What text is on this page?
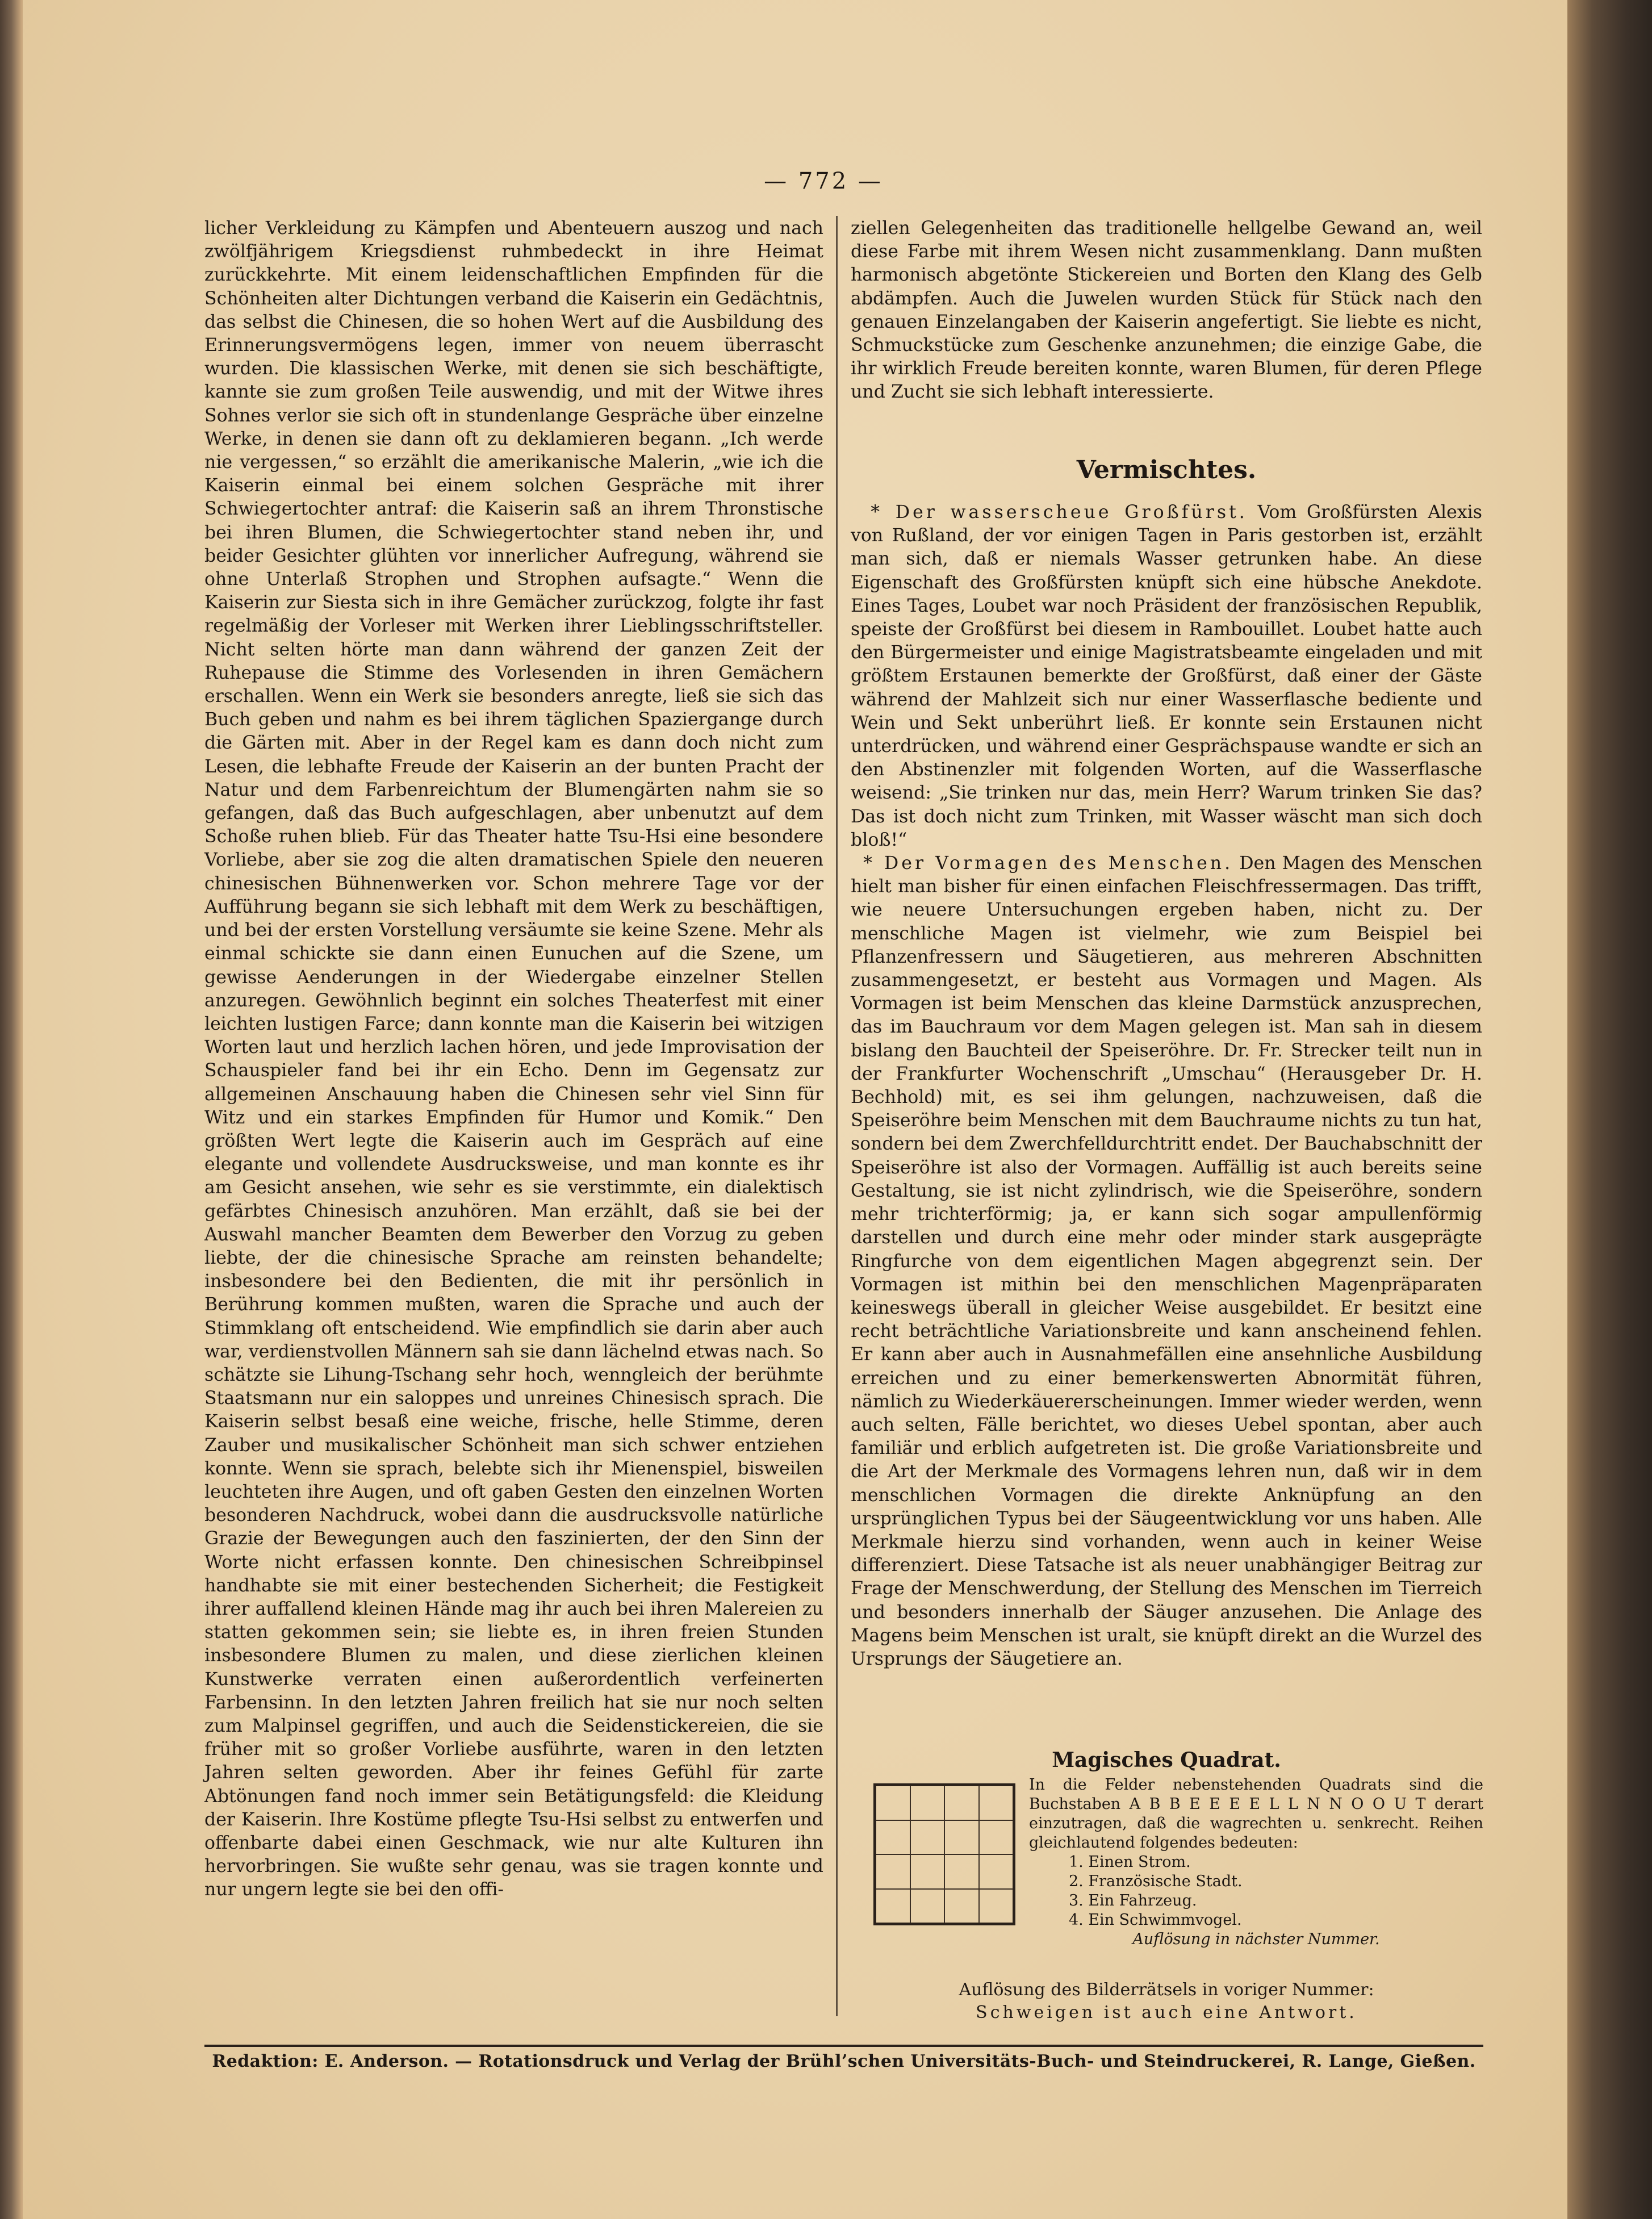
— 772 —

licher Verkleidung zu Kämpfen und Abenteuern auszog und nach zwölfjährigem Kriegsdienst ruhmbedeckt in ihre Heimat zurückkehrte. Mit einem leidenschaftlichen Empfinden für die Schönheiten alter Dichtungen verband die Kaiserin ein Gedächtnis, das selbst die Chinesen, die so hohen Wert auf die Ausbildung des Erinnerungsvermögens legen, immer von neuem überrascht wurden. Die klassischen Werke, mit denen sie sich beschäftigte, kannte sie zum großen Teile auswendig, und mit der Witwe ihres Sohnes verlor sie sich oft in stundenlange Gespräche über einzelne Werke, in denen sie dann oft zu deklamieren begann. „Ich werde nie vergessen,“ so erzählt die amerikanische Malerin, „wie ich die Kaiserin einmal bei einem solchen Gespräche mit ihrer Schwiegertochter antraf: die Kaiserin saß an ihrem Thronstische bei ihren Blumen, die Schwiegertochter stand neben ihr, und beider Gesichter glühten vor innerlicher Aufregung, während sie ohne Unterlaß Strophen und Strophen aufsagte.“ Wenn die Kaiserin zur Siesta sich in ihre Gemächer zurückzog, folgte ihr fast regelmäßig der Vorleser mit Werken ihrer Lieblingsschriftsteller. Nicht selten hörte man dann während der ganzen Zeit der Ruhepause die Stimme des Vorlesenden in ihren Gemächern erschallen. Wenn ein Werk sie besonders anregte, ließ sie sich das Buch geben und nahm es bei ihrem täglichen Spaziergange durch die Gärten mit. Aber in der Regel kam es dann doch nicht zum Lesen, die lebhafte Freude der Kaiserin an der bunten Pracht der Natur und dem Farbenreichtum der Blumengärten nahm sie so gefangen, daß das Buch aufgeschlagen, aber unbenutzt auf dem Schoße ruhen blieb. Für das Theater hatte Tsu-Hsi eine besondere Vorliebe, aber sie zog die alten dramatischen Spiele den neueren chinesischen Bühnenwerken vor. Schon mehrere Tage vor der Aufführung begann sie sich lebhaft mit dem Werk zu beschäftigen, und bei der ersten Vorstellung versäumte sie keine Szene. Mehr als einmal schickte sie dann einen Eunuchen auf die Szene, um gewisse Aenderungen in der Wiedergabe einzelner Stellen anzuregen. Gewöhnlich beginnt ein solches Theaterfest mit einer leichten lustigen Farce; dann konnte man die Kaiserin bei witzigen Worten laut und herzlich lachen hören, und jede Improvisation der Schauspieler fand bei ihr ein Echo. Denn im Gegensatz zur allgemeinen Anschauung haben die Chinesen sehr viel Sinn für Witz und ein starkes Empfinden für Humor und Komik.“ Den größten Wert legte die Kaiserin auch im Gespräch auf eine elegante und vollendete Ausdrucksweise, und man konnte es ihr am Gesicht ansehen, wie sehr es sie verstimmte, ein dialektisch gefärbtes Chinesisch anzuhören. Man erzählt, daß sie bei der Auswahl mancher Beamten dem Bewerber den Vorzug zu geben liebte, der die chinesische Sprache am reinsten behandelte; insbesondere bei den Bedienten, die mit ihr persönlich in Berührung kommen mußten, waren die Sprache und auch der Stimmklang oft entscheidend. Wie empfindlich sie darin aber auch war, verdienstvollen Männern sah sie dann lächelnd etwas nach. So schätzte sie Lihung-Tschang sehr hoch, wenngleich der berühmte Staatsmann nur ein saloppes und unreines Chinesisch sprach. Die Kaiserin selbst besaß eine weiche, frische, helle Stimme, deren Zauber und musikalischer Schönheit man sich schwer entziehen konnte. Wenn sie sprach, belebte sich ihr Mienenspiel, bisweilen leuchteten ihre Augen, und oft gaben Gesten den einzelnen Worten besonderen Nachdruck, wobei dann die ausdrucksvolle natürliche Grazie der Bewegungen auch den faszinierten, der den Sinn der Worte nicht erfassen konnte. Den chinesischen Schreibpinsel handhabte sie mit einer bestechenden Sicherheit; die Festigkeit ihrer auffallend kleinen Hände mag ihr auch bei ihren Malereien zu statten gekommen sein; sie liebte es, in ihren freien Stunden insbesondere Blumen zu malen, und diese zierlichen kleinen Kunstwerke verraten einen außerordentlich verfeinerten Farbensinn. In den letzten Jahren freilich hat sie nur noch selten zum Malpinsel gegriffen, und auch die Seidenstickereien, die sie früher mit so großer Vorliebe ausführte, waren in den letzten Jahren selten geworden. Aber ihr feines Gefühl für zarte Abtönungen fand noch immer sein Betätigungsfeld: die Kleidung der Kaiserin. Ihre Kostüme pflegte Tsu-Hsi selbst zu entwerfen und offenbarte dabei einen Geschmack, wie nur alte Kulturen ihn hervorbringen. Sie wußte sehr genau, was sie tragen konnte und nur ungern legte sie bei den offi-

ziellen Gelegenheiten das traditionelle hellgelbe Gewand an, weil diese Farbe mit ihrem Wesen nicht zusammenklang. Dann mußten harmonisch abgetönte Stickereien und Borten den Klang des Gelb abdämpfen. Auch die Juwelen wurden Stück für Stück nach den genauen Einzelangaben der Kaiserin angefertigt. Sie liebte es nicht, Schmuckstücke zum Geschenke anzunehmen; die einzige Gabe, die ihr wirklich Freude bereiten konnte, waren Blumen, für deren Pflege und Zucht sie sich lebhaft interessierte.

Vermischtes.

* Der wasserscheue Großfürst. Vom Großfürsten Alexis von Rußland, der vor einigen Tagen in Paris gestorben ist, erzählt man sich, daß er niemals Wasser getrunken habe. An diese Eigenschaft des Großfürsten knüpft sich eine hübsche Anekdote. Eines Tages, Loubet war noch Präsident der französischen Republik, speiste der Großfürst bei diesem in Rambouillet. Loubet hatte auch den Bürgermeister und einige Magistratsbeamte eingeladen und mit größtem Erstaunen bemerkte der Großfürst, daß einer der Gäste während der Mahlzeit sich nur einer Wasserflasche bediente und Wein und Sekt unberührt ließ. Er konnte sein Erstaunen nicht unterdrücken, und während einer Gesprächspause wandte er sich an den Abstinenzler mit folgenden Worten, auf die Wasserflasche weisend: „Sie trinken nur das, mein Herr? Warum trinken Sie das? Das ist doch nicht zum Trinken, mit Wasser wäscht man sich doch bloß!“

* Der Vormagen des Menschen. Den Magen des Menschen hielt man bisher für einen einfachen Fleischfressermagen. Das trifft, wie neuere Untersuchungen ergeben haben, nicht zu. Der menschliche Magen ist vielmehr, wie zum Beispiel bei Pflanzenfressern und Säugetieren, aus mehreren Abschnitten zusammengesetzt, er besteht aus Vormagen und Magen. Als Vormagen ist beim Menschen das kleine Darmstück anzusprechen, das im Bauchraum vor dem Magen gelegen ist. Man sah in diesem bislang den Bauchteil der Speiseröhre. Dr. Fr. Strecker teilt nun in der Frankfurter Wochenschrift „Umschau“ (Herausgeber Dr. H. Bechhold) mit, es sei ihm gelungen, nachzuweisen, daß die Speiseröhre beim Menschen mit dem Bauchraume nichts zu tun hat, sondern bei dem Zwerchfelldurchtritt endet. Der Bauchabschnitt der Speiseröhre ist also der Vormagen. Auffällig ist auch bereits seine Gestaltung, sie ist nicht zylindrisch, wie die Speiseröhre, sondern mehr trichterförmig; ja, er kann sich sogar ampullenförmig darstellen und durch eine mehr oder minder stark ausgeprägte Ringfurche von dem eigentlichen Magen abgegrenzt sein. Der Vormagen ist mithin bei den menschlichen Magenpräparaten keineswegs überall in gleicher Weise ausgebildet. Er besitzt eine recht beträchtliche Variationsbreite und kann anscheinend fehlen. Er kann aber auch in Ausnahmefällen eine ansehnliche Ausbildung erreichen und zu einer bemerkenswerten Abnormität führen, nämlich zu Wiederkäuererscheinungen. Immer wieder werden, wenn auch selten, Fälle berichtet, wo dieses Uebel spontan, aber auch familiär und erblich aufgetreten ist. Die große Variationsbreite und die Art der Merkmale des Vormagens lehren nun, daß wir in dem menschlichen Vormagen die direkte Anknüpfung an den ursprünglichen Typus bei der Säugeentwicklung vor uns haben. Alle Merkmale hierzu sind vorhanden, wenn auch in keiner Weise differenziert. Diese Tatsache ist als neuer unabhängiger Beitrag zur Frage der Menschwerdung, der Stellung des Menschen im Tierreich und besonders innerhalb der Säuger anzusehen. Die Anlage des Magens beim Menschen ist uralt, sie knüpft direkt an die Wurzel des Ursprungs der Säugetiere an.

Magisches Quadrat.

In die Felder nebenstehenden Quadrats sind die Buchstaben A B B E E E E L L N N O O U T derart einzutragen, daß die wagrechten u. senkrecht. Reihen gleichlautend folgendes bedeuten:

1. Einen Strom.
2. Französische Stadt.
3. Ein Fahrzeug.
4. Ein Schwimmvogel.

Auflösung in nächster Nummer.

Auflösung des Bilderrätsels in voriger Nummer:

Schweigen ist auch eine Antwort.

Redaktion: E. Anderson. — Rotationsdruck und Verlag der Brühl’schen Universitäts-Buch- und Steindruckerei, R. Lange, Gießen.
